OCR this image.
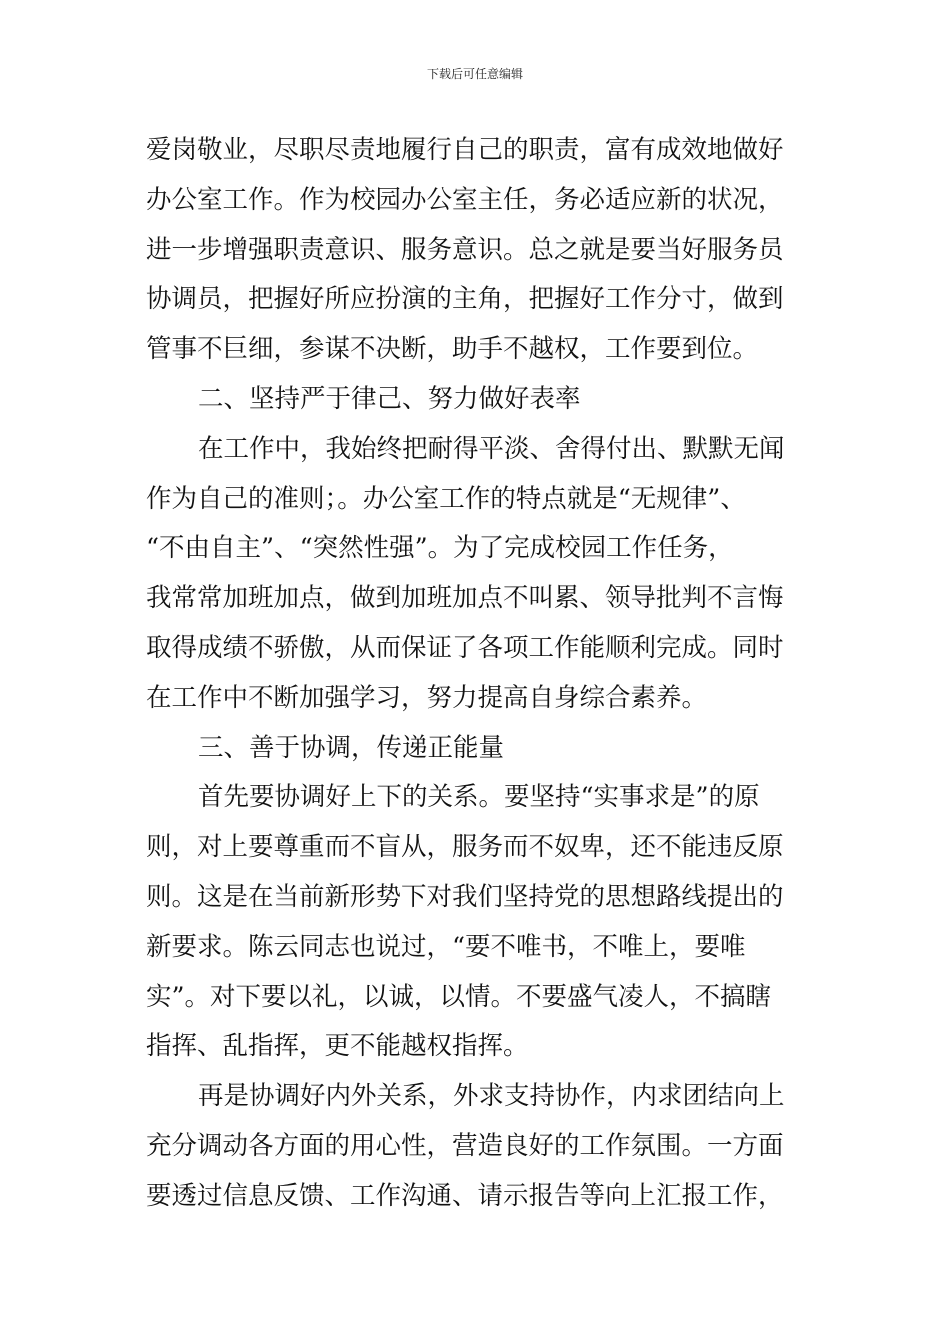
下载后可任意编辑
爱岗敬业，尽职尽责地履行自己的职责，富有成效地做好
办公室工作。作为校园办公室主任，务必适应新的状况，
进一步增强职责意识、服务意识。总之就是要当好服务员
协调员，把握好所应扮演的主角，把握好工作分寸，做到
管事不巨细，参谋不决断，助手不越权，工作要到位。
二、坚持严于律己、努力做好表率
在工作中，我始终把耐得平淡、舍得付出、默默无闻
作为自己的准则；。办公室工作的特点就是“无规律”、
“不由自主”、“突然性强”。为了完成校园工作任务，
我常常加班加点，做到加班加点不叫累、领导批判不言悔
取得成绩不骄傲，从而保证了各项工作能顺利完成。同时
在工作中不断加强学习，努力提高自身综合素养。
三、善于协调，传递正能量
首先要协调好上下的关系。要坚持“实事求是”的原
则，对上要尊重而不盲从，服务而不奴卑，还不能违反原
则。这是在当前新形势下对我们坚持党的思想路线提出的
新要求。陈云同志也说过，“要不唯书，不唯上，要唯
实”。对下要以礼，以诚，以情。不要盛气凌人，不搞瞎
指挥、乱指挥，更不能越权指挥。
再是协调好内外关系，外求支持协作，内求团结向上
充分调动各方面的用心性，营造良好的工作氛围。一方面
要透过信息反馈、工作沟通、请示报告等向上汇报工作，
